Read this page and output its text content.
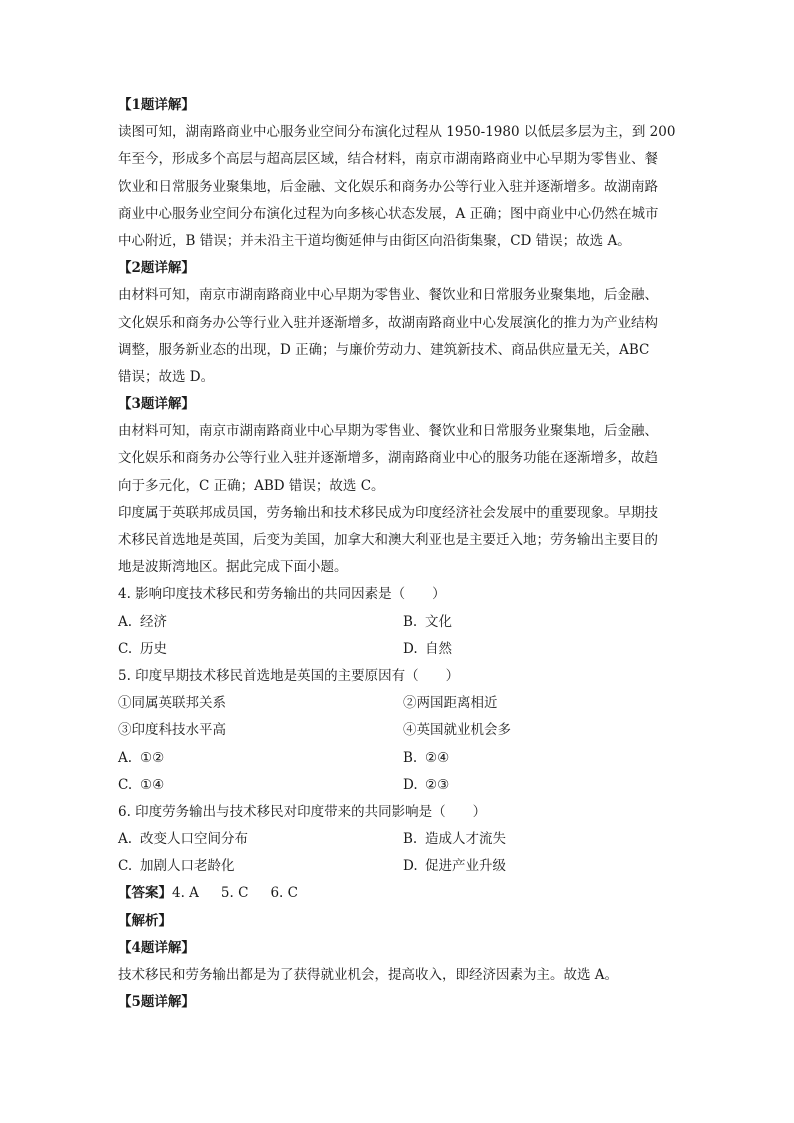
【1题详解】
读图可知，湖南路商业中心服务业空间分布演化过程从 1950-1980 以低层多层为主，到 200
年至今，形成多个高层与超高层区域，结合材料，南京市湖南路商业中心早期为零售业、餐
饮业和日常服务业聚集地，后金融、文化娱乐和商务办公等行业入驻并逐渐增多。故湖南路
商业中心服务业空间分布演化过程为向多核心状态发展，A 正确；图中商业中心仍然在城市
中心附近，B 错误；并未沿主干道均衡延伸与由街区向沿街集聚，CD 错误；故选 A。
【2题详解】
由材料可知，南京市湖南路商业中心早期为零售业、餐饮业和日常服务业聚集地，后金融、
文化娱乐和商务办公等行业入驻并逐渐增多，故湖南路商业中心发展演化的推力为产业结构
调整，服务新业态的出现，D 正确；与廉价劳动力、建筑新技术、商品供应量无关，ABC
错误；故选 D。
【3题详解】
由材料可知，南京市湖南路商业中心早期为零售业、餐饮业和日常服务业聚集地，后金融、
文化娱乐和商务办公等行业入驻并逐渐增多，湖南路商业中心的服务功能在逐渐增多，故趋
向于多元化，C 正确；ABD 错误；故选 C。
印度属于英联邦成员国，劳务输出和技术移民成为印度经济社会发展中的重要现象。早期技
术移民首选地是英国，后变为美国，加拿大和澳大利亚也是主要迁入地；劳务输出主要目的
地是波斯湾地区。据此完成下面小题。
4. 影响印度技术移民和劳务输出的共同因素是（　　）
A. 经济	B. 文化
C. 历史	D. 自然
5. 印度早期技术移民首选地是英国的主要原因有（　　）
①同属英联邦关系	②两国距离相近
③印度科技水平高	④英国就业机会多
A. ①②	B. ②④
C. ①④	D. ②③
6. 印度劳务输出与技术移民对印度带来的共同影响是（　　）
A. 改变人口空间分布	B. 造成人才流失
C. 加剧人口老龄化	D. 促进产业升级
【答案】4. A 5. C 6. C
【解析】
【4题详解】
技术移民和劳务输出都是为了获得就业机会，提高收入，即经济因素为主。故选 A。
【5题详解】
